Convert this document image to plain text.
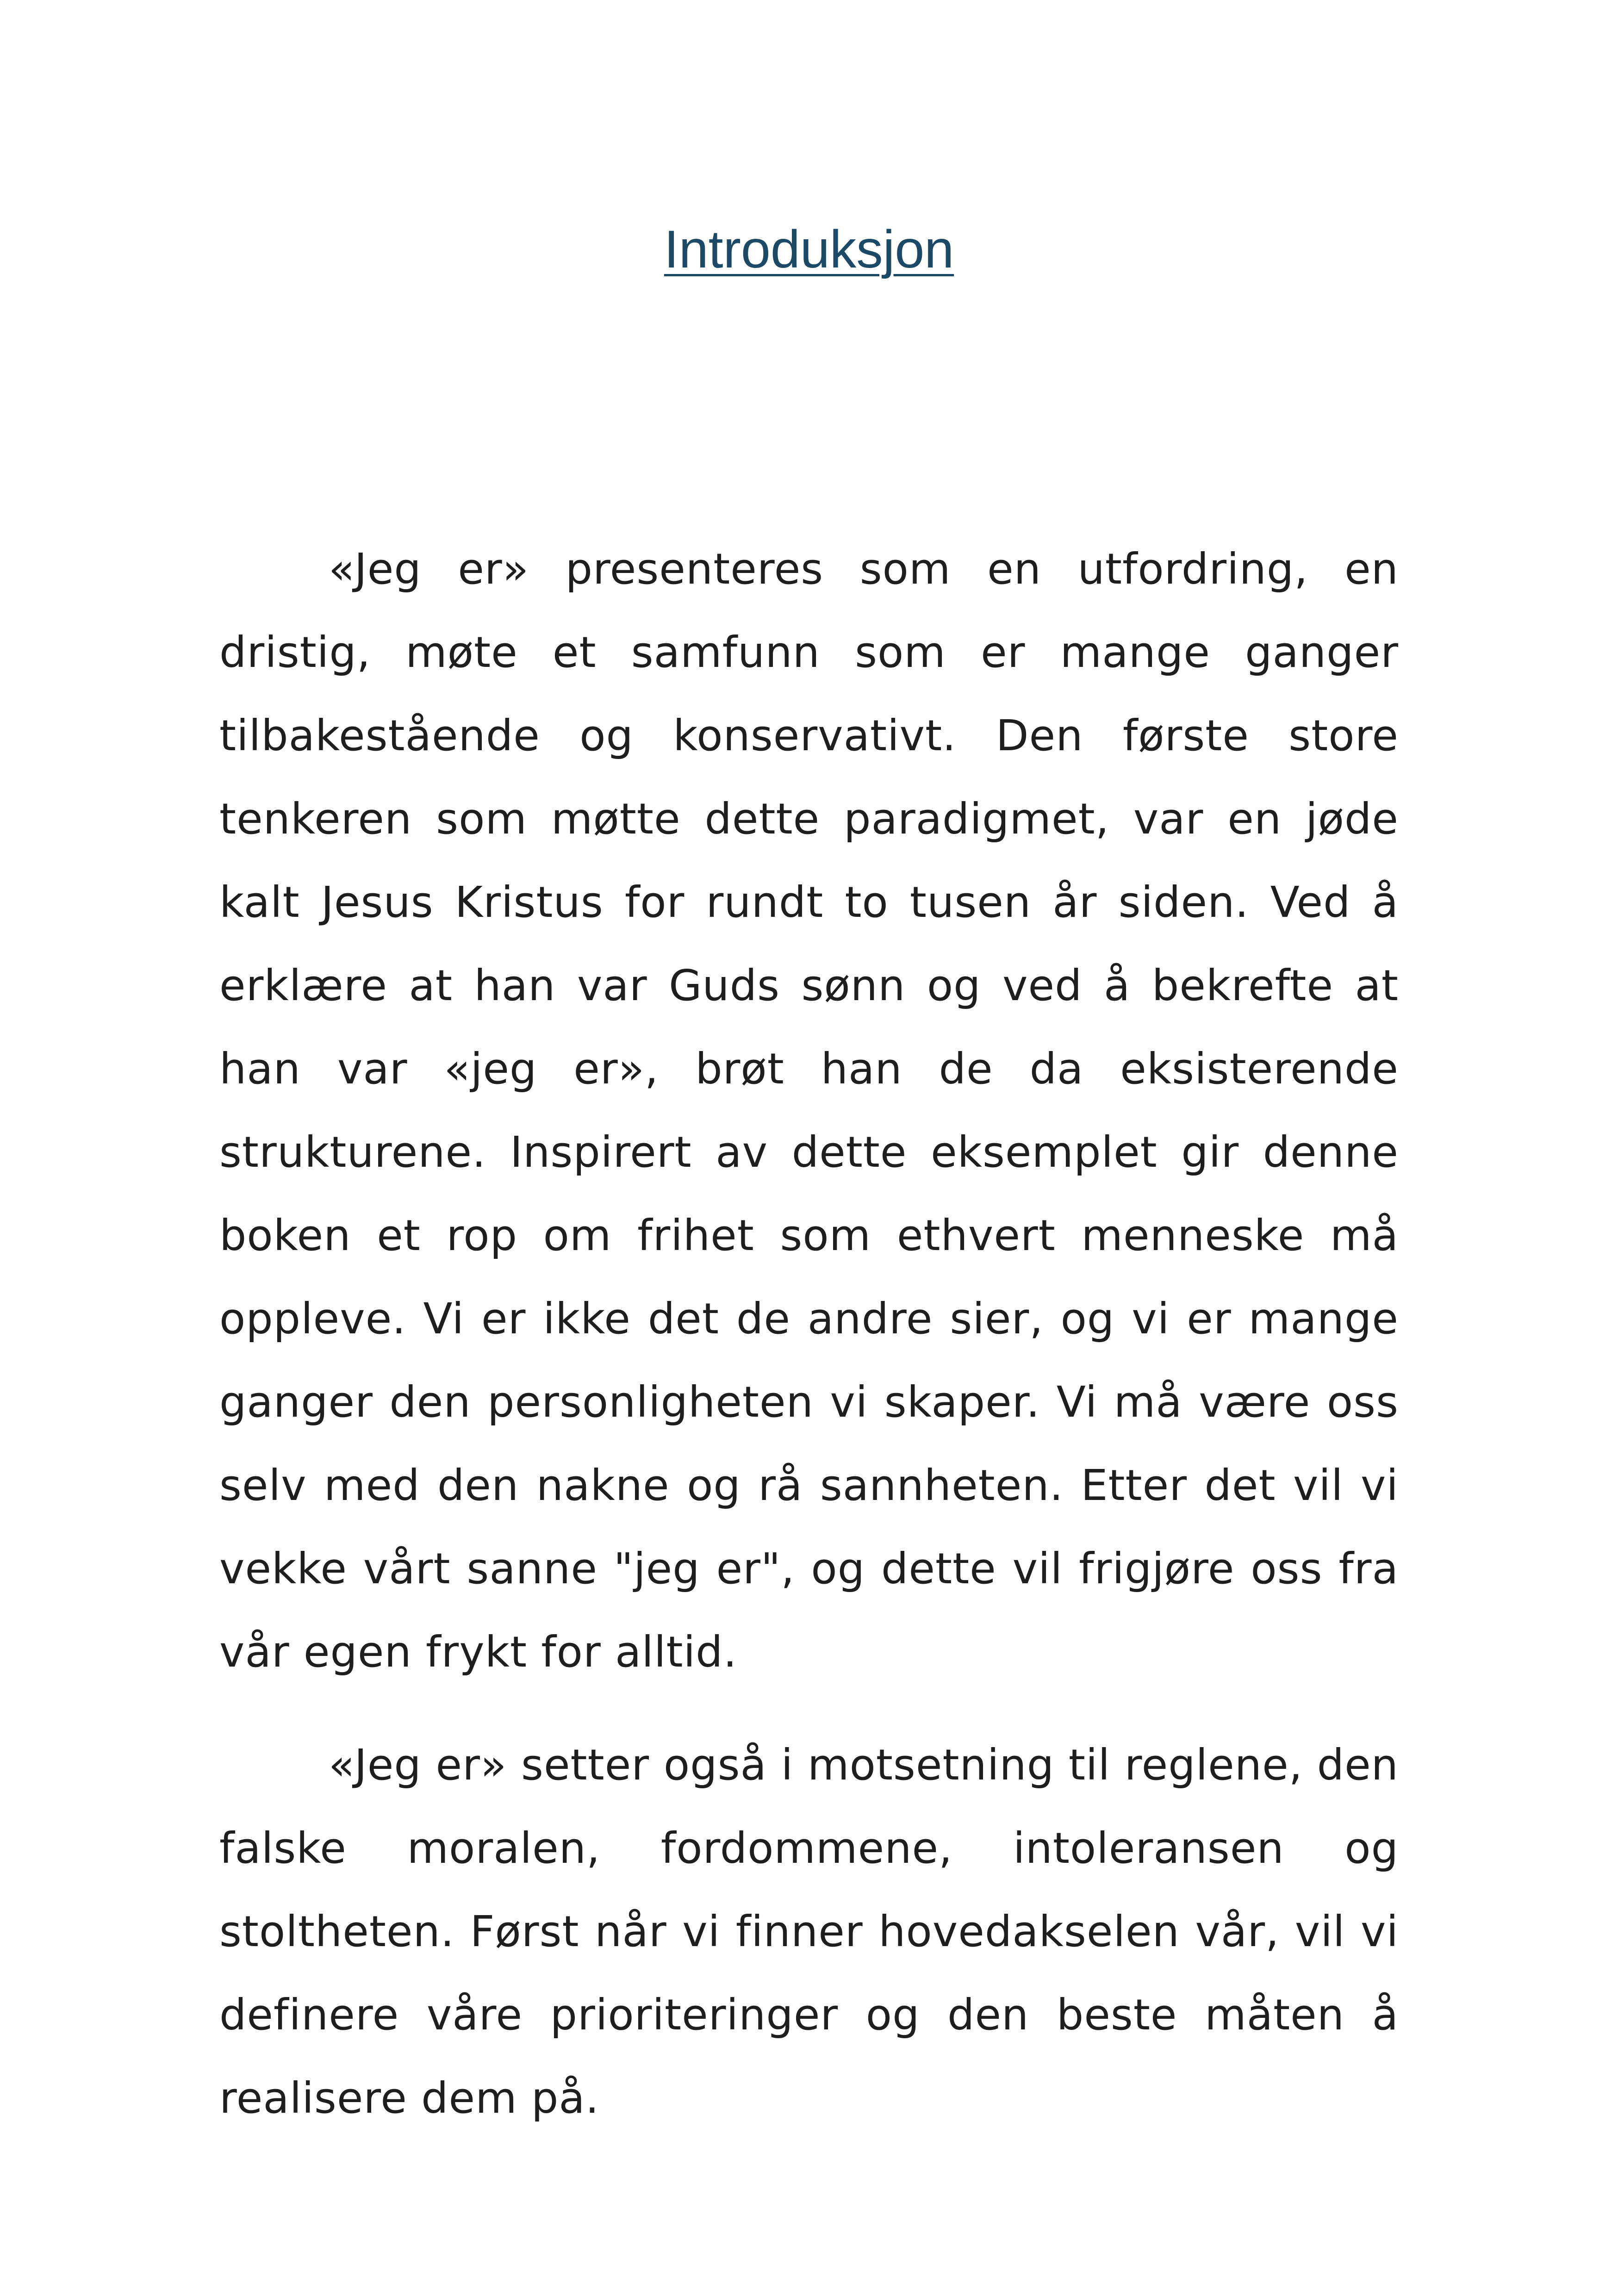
Introduksjon

«Jeg er» presenteres som en utfordring, en dristig, møte et samfunn som er mange ganger tilbakestående og konservativt. Den første store tenkeren som møtte dette paradigmet, var en jøde kalt Jesus Kristus for rundt to tusen år siden. Ved å erklære at han var Guds sønn og ved å bekrefte at han var «jeg er», brøt han de da eksisterende strukturene. Inspirert av dette eksemplet gir denne boken et rop om frihet som ethvert menneske må oppleve. Vi er ikke det de andre sier, og vi er mange ganger den personligheten vi skaper. Vi må være oss selv med den nakne og rå sannheten. Etter det vil vi vekke vårt sanne "jeg er", og dette vil frigjøre oss fra vår egen frykt for alltid.

«Jeg er» setter også i motsetning til reglene, den falske moralen, fordommene, intoleransen og stoltheten. Først når vi finner hovedakselen vår, vil vi definere våre prioriteringer og den beste måten å realisere dem på.
